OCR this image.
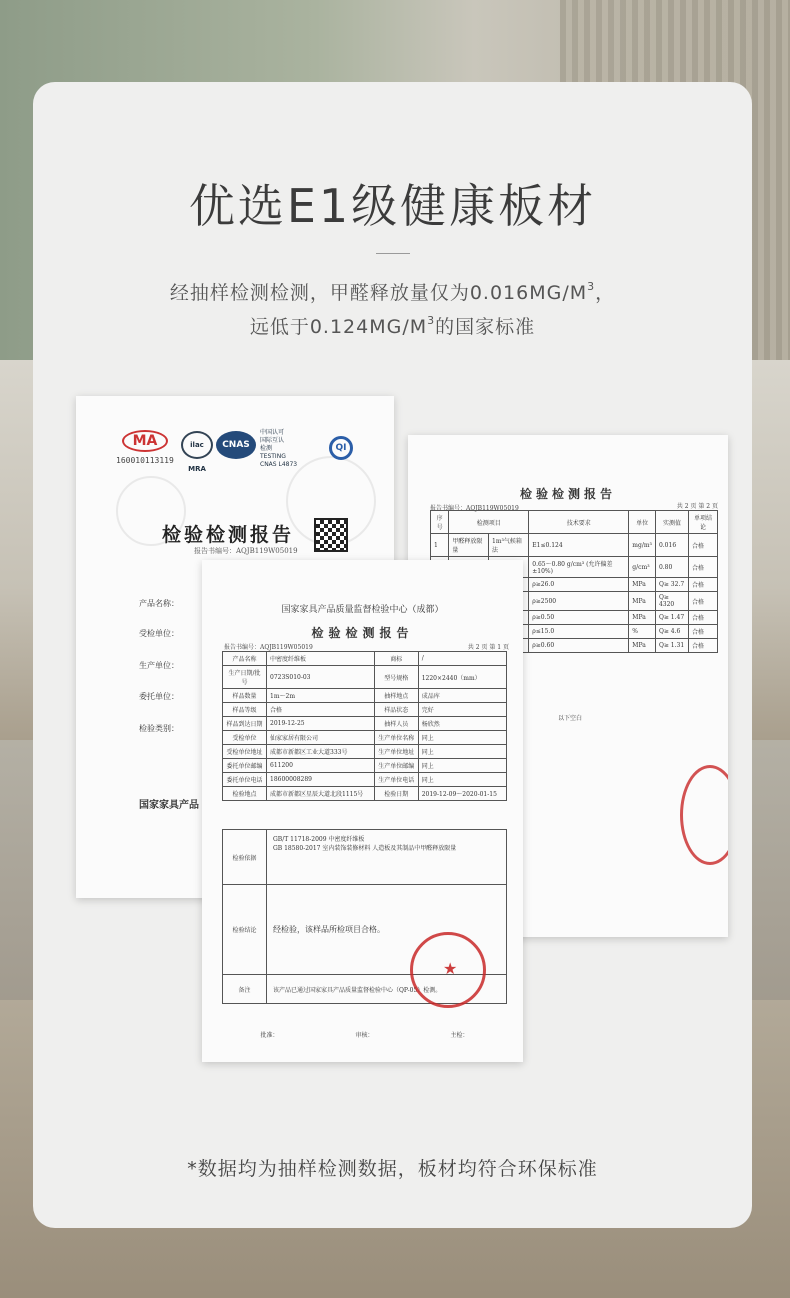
优选E1级健康板材

经抽样检测检测，甲醛释放量仅为$0.016MG/M^3$，

远低于$0.124MG/M^3$的国家标准

MA
160010113119
ilac MRA
CNAS
中国认可
国际互认
检测
TESTING
CNAS L4873
QI
检验检测报告
报告书编号：AQJB119W05019
产品名称：
受检单位：
生产单位：
委托单位：
检验类别：
国家家具产品
检验检测报告
报告书编号：AQJB119W05019	共 2 页 第 2 页
序号	检测项目		技术要求	单位	实测值	单项结论
1	甲醛释放限量	1m³气候箱法	E1≤0.124	mg/m³	0.016	合格
			0.65～0.80 g/cm³ (允许偏差±10%)	g/cm³	0.80	合格
			ρ≥26.0	MPa	Q≥ 32.7	合格
			ρ≥2500	MPa	Q≥ 4320	合格
			ρ≥0.50	MPa	Q≥ 1.47	合格
			ρ≤15.0	%	Q≥ 4.6	合格
			ρ≥0.60	MPa	Q≥ 1.31	合格
以下空白
国家家具产品质量监督检验中心（成都）
检验检测报告
报告书编号：AQJB119W05019	共 2 页 第 1 页
产品名称	中密度纤维板	商标	/
生产日期/批号	0723S010-03	型号规格	1220×2440（mm）
样品数量	1m～2m	抽样地点	成品库
样品等级	合格	样品状态	完好
样品到达日期	2019-12-25	抽样人员	杨欣然
受检单位	仙家家居有限公司	生产单位名称	同上
受检单位地址	成都市新都区工业大道333号	生产单位地址	同上
委托单位邮编	611200	生产单位邮编	同上
委托单位电话	18600008289	生产单位电话	同上
检验地点	成都市新都区星辰大道北段1115号	检验日期	2019-12-09～2020-01-15
检验依据
GB/T 11718-2009 中密度纤维板
GB 18580-2017 室内装饰装修材料 人造板及其制品中甲醛释放限量
检验结论	经检验，该样品所检项目合格。
备注	该产品已通过国家家具产品质量监督检验中心（QP-05）检测。
★
批准：	审核：	主检：

*数据均为抽样检测数据，板材均符合环保标准
